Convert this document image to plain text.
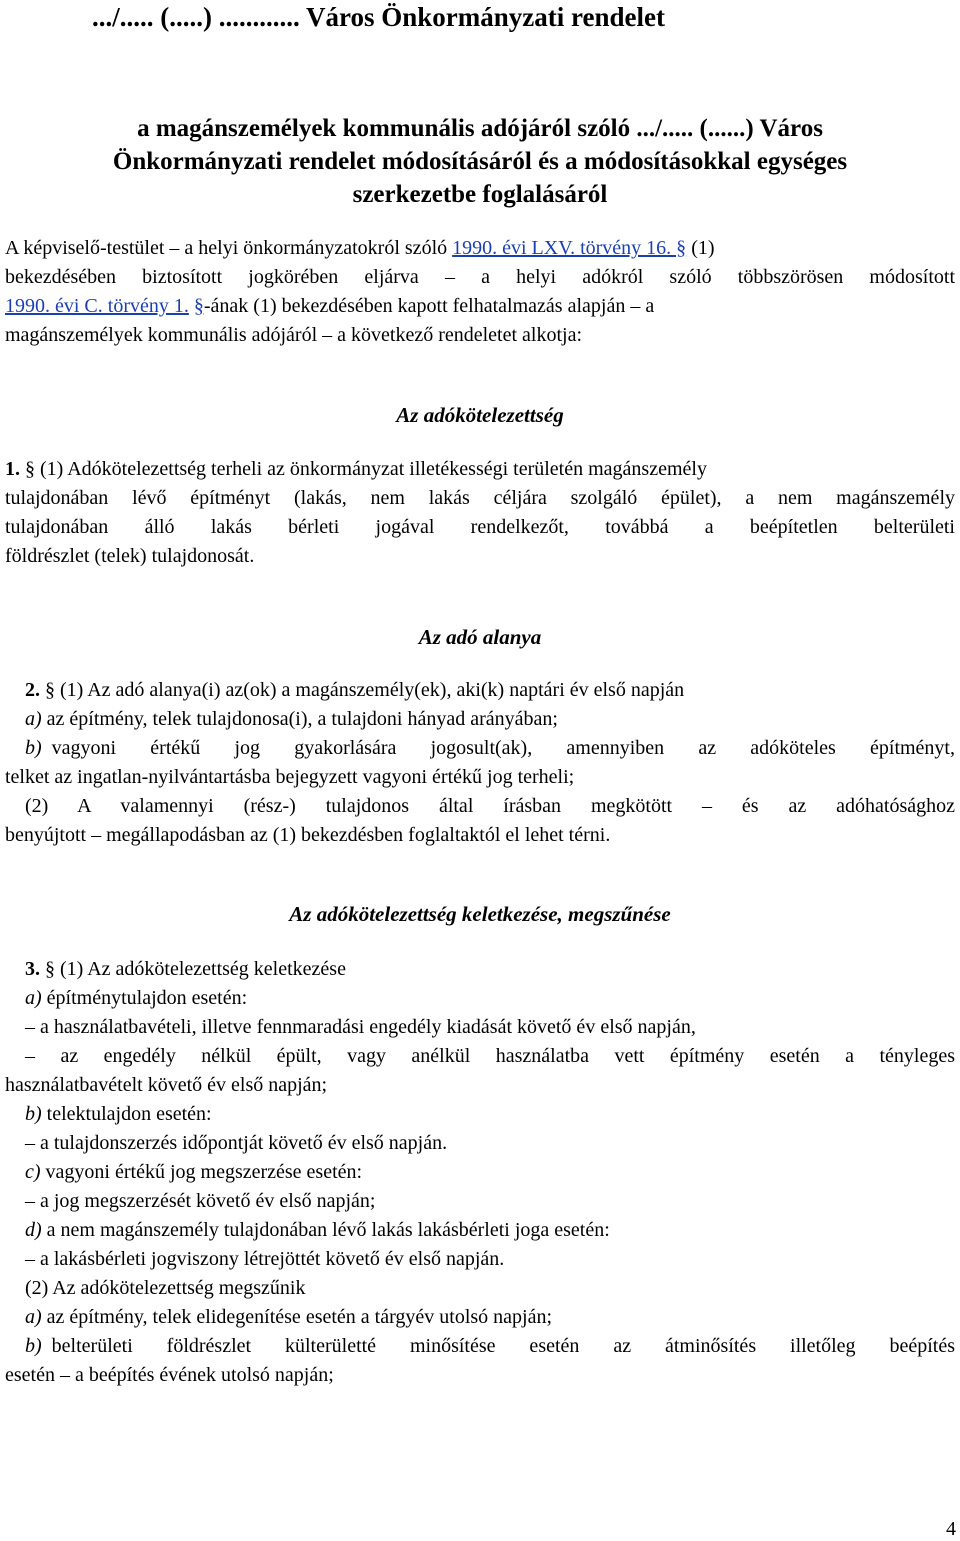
.../..... (.....) ............ Város Önkormányzati rendelet
a magánszemélyek kommunális adójáról szóló .../..... (......) Város
Önkormányzati rendelet módosításáról és a módosításokkal egységes
szerkezetbe foglalásáról
A képviselő-testület – a helyi önkormányzatokról szóló 1990. évi LXV. törvény 16. § (1)
bekezdésében biztosított jogkörében eljárva – a helyi adókról szóló többszörösen módosított
1990. évi C. törvény 1. §-ának (1) bekezdésében kapott felhatalmazás alapján – a
magánszemélyek kommunális adójáról – a következő rendeletet alkotja:
Az adókötelezettség
1. § (1) Adókötelezettség terheli az önkormányzat illetékességi területén magánszemély
tulajdonában lévő építményt (lakás, nem lakás céljára szolgáló épület), a nem magánszemély
tulajdonában álló lakás bérleti jogával rendelkezőt, továbbá a beépítetlen belterületi
földrészlet (telek) tulajdonosát.
Az adó alanya
2. § (1) Az adó alanya(i) az(ok) a magánszemély(ek), aki(k) naptári év első napján
a) az építmény, telek tulajdonosa(i), a tulajdoni hányad arányában;
b) vagyoni értékű jog gyakorlására jogosult(ak), amennyiben az adóköteles építményt,
telket az ingatlan-nyilvántartásba bejegyzett vagyoni értékű jog terheli;
(2) A valamennyi (rész-) tulajdonos által írásban megkötött – és az adóhatósághoz
benyújtott – megállapodásban az (1) bekezdésben foglaltaktól el lehet térni.
Az adókötelezettség keletkezése, megszűnése
3. § (1) Az adókötelezettség keletkezése
a) építménytulajdon esetén:
– a használatbavételi, illetve fennmaradási engedély kiadását követő év első napján,
– az engedély nélkül épült, vagy anélkül használatba vett építmény esetén a tényleges
használatbavételt követő év első napján;
b) telektulajdon esetén:
– a tulajdonszerzés időpontját követő év első napján.
c) vagyoni értékű jog megszerzése esetén:
– a jog megszerzését követő év első napján;
d) a nem magánszemély tulajdonában lévő lakás lakásbérleti joga esetén:
– a lakásbérleti jogviszony létrejöttét követő év első napján.
(2) Az adókötelezettség megszűnik
a) az építmény, telek elidegenítése esetén a tárgyév utolsó napján;
b) belterületi földrészlet külterületté minősítése esetén az átminősítés illetőleg beépítés
esetén – a beépítés évének utolsó napján;
4
